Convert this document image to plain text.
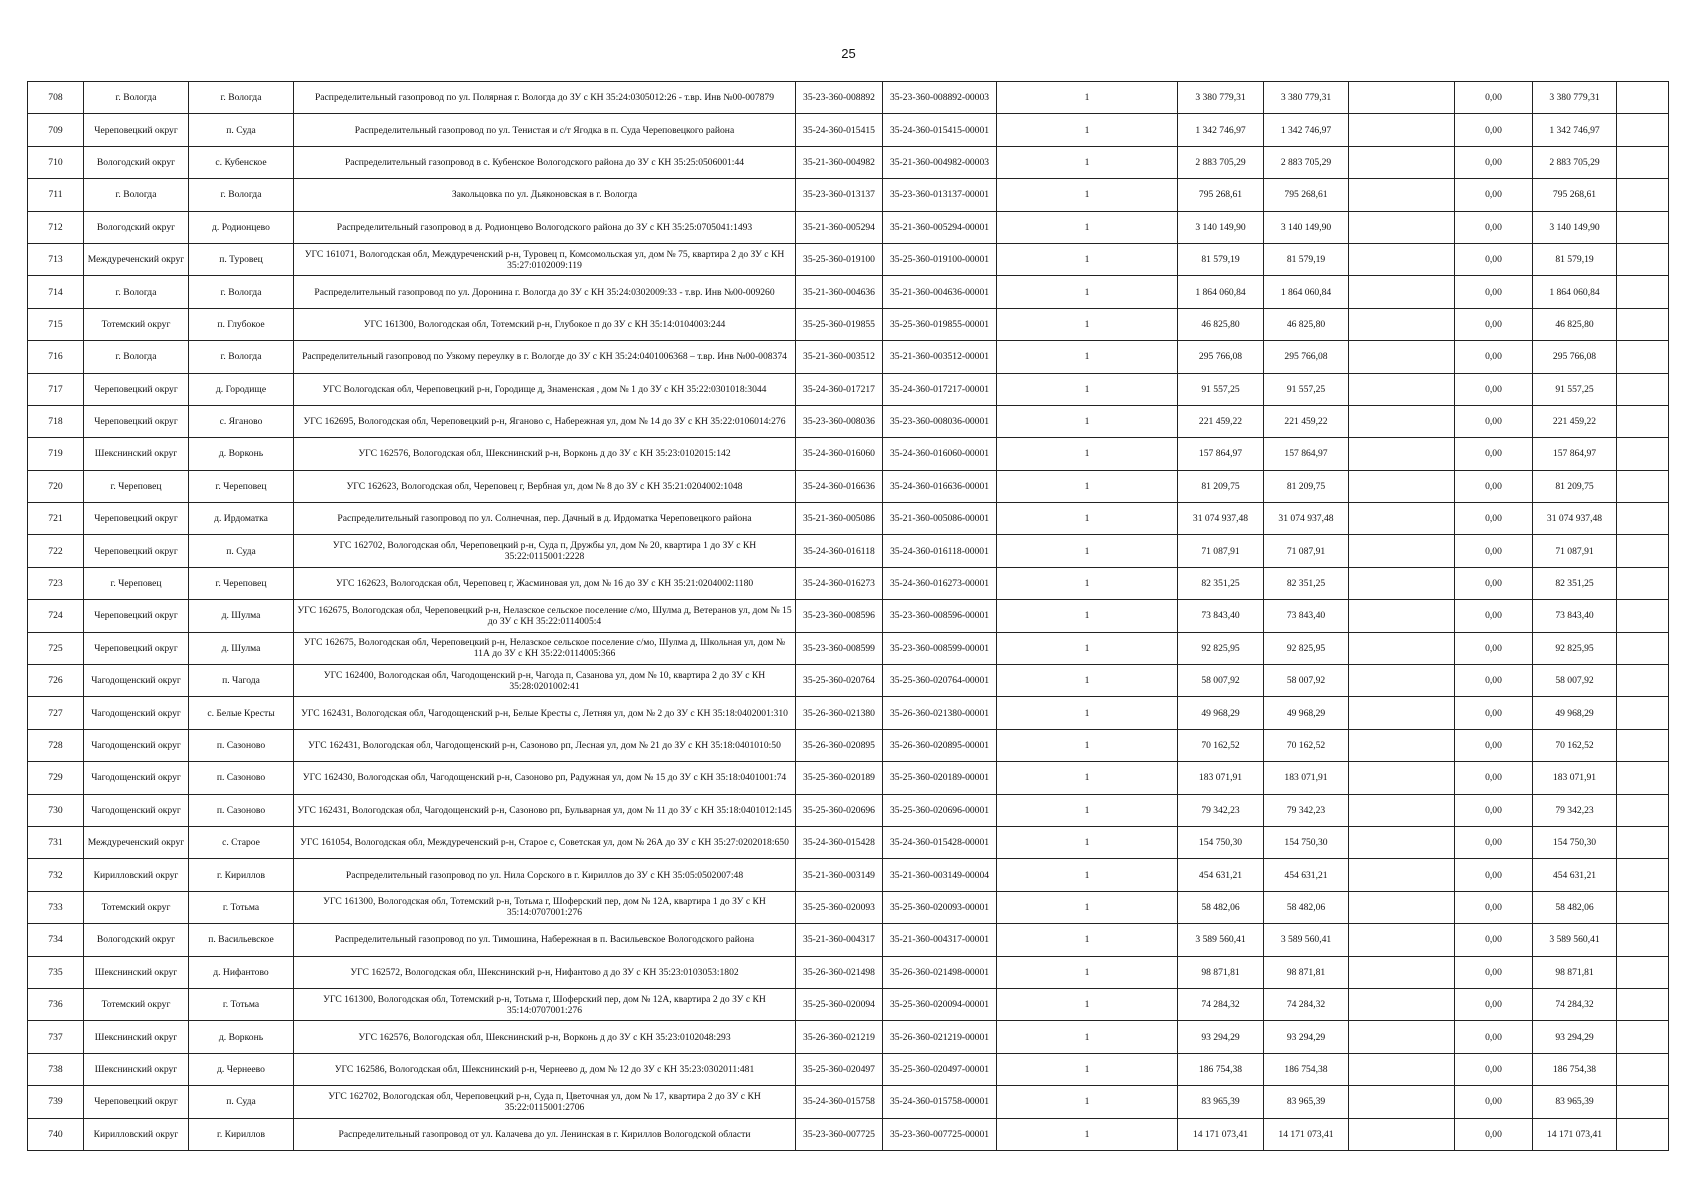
25
708	г. Вологда	г. Вологда	Распределительный газопровод по ул. Полярная г. Вологда до ЗУ с КН 35:24:0305012:26 - т.вр. Инв №00-007879	35-23-360-008892	35-23-360-008892-00003	1	3 380 779,31	3 380 779,31		0,00	3 380 779,31	
709	Череповецкий округ	п. Суда	Распределительный газопровод по ул. Тенистая и с/т Ягодка в п. Суда Череповецкого района	35-24-360-015415	35-24-360-015415-00001	1	1 342 746,97	1 342 746,97		0,00	1 342 746,97	
710	Вологодский округ	с. Кубенское	Распределительный газопровод в с. Кубенское Вологодского района до ЗУ с КН 35:25:0506001:44	35-21-360-004982	35-21-360-004982-00003	1	2 883 705,29	2 883 705,29		0,00	2 883 705,29	
711	г. Вологда	г. Вологда	Закольцовка по ул. Дьяконовская в г. Вологда	35-23-360-013137	35-23-360-013137-00001	1	795 268,61	795 268,61		0,00	795 268,61	
712	Вологодский округ	д. Родионцево	Распределительный газопровод в д. Родионцево Вологодского района до ЗУ с КН 35:25:0705041:1493	35-21-360-005294	35-21-360-005294-00001	1	3 140 149,90	3 140 149,90		0,00	3 140 149,90	
713	Междуреченский округ	п. Туровец	УГС 161071, Вологодская обл, Междуреченский р-н, Туровец п, Комсомольская ул, дом № 75, квартира 2 до ЗУ с КН 35:27:0102009:119	35-25-360-019100	35-25-360-019100-00001	1	81 579,19	81 579,19		0,00	81 579,19	
714	г. Вологда	г. Вологда	Распределительный газопровод по ул. Доронина г. Вологда до ЗУ с КН 35:24:0302009:33 - т.вр. Инв №00-009260	35-21-360-004636	35-21-360-004636-00001	1	1 864 060,84	1 864 060,84		0,00	1 864 060,84	
715	Тотемский округ	п. Глубокое	УГС 161300, Вологодская обл, Тотемский р-н, Глубокое п до ЗУ с КН 35:14:0104003:244	35-25-360-019855	35-25-360-019855-00001	1	46 825,80	46 825,80		0,00	46 825,80	
716	г. Вологда	г. Вологда	Распределительный газопровод по Узкому переулку в г. Вологде до ЗУ с КН 35:24:0401006368 – т.вр. Инв №00-008374	35-21-360-003512	35-21-360-003512-00001	1	295 766,08	295 766,08		0,00	295 766,08	
717	Череповецкий округ	д. Городище	УГС Вологодская обл, Череповецкий р-н, Городище д, Знаменская , дом № 1 до ЗУ с КН 35:22:0301018:3044	35-24-360-017217	35-24-360-017217-00001	1	91 557,25	91 557,25		0,00	91 557,25	
718	Череповецкий округ	с. Яганово	УГС 162695, Вологодская обл, Череповецкий р-н, Ягановo с, Набережная ул, дом № 14 до ЗУ с КН 35:22:0106014:276	35-23-360-008036	35-23-360-008036-00001	1	221 459,22	221 459,22		0,00	221 459,22	
719	Шекснинский округ	д. Ворконь	УГС 162576, Вологодская обл, Шекснинский р-н, Ворконь д до ЗУ с КН 35:23:0102015:142	35-24-360-016060	35-24-360-016060-00001	1	157 864,97	157 864,97		0,00	157 864,97	
720	г. Череповец	г. Череповец	УГС 162623, Вологодская обл, Череповец г, Вербная ул, дом № 8 до ЗУ с КН 35:21:0204002:1048	35-24-360-016636	35-24-360-016636-00001	1	81 209,75	81 209,75		0,00	81 209,75	
721	Череповецкий округ	д. Ирдоматка	Распределительный газопровод по ул. Солнечная, пер. Дачный в д. Ирдоматка Череповецкого района	35-21-360-005086	35-21-360-005086-00001	1	31 074 937,48	31 074 937,48		0,00	31 074 937,48	
722	Череповецкий округ	п. Суда	УГС 162702, Вологодская обл, Череповецкий р-н, Суда п, Дружбы ул, дом № 20, квартира 1 до ЗУ с КН 35:22:0115001:2228	35-24-360-016118	35-24-360-016118-00001	1	71 087,91	71 087,91		0,00	71 087,91	
723	г. Череповец	г. Череповец	УГС 162623, Вологодская обл, Череповец г, Жасминовая ул, дом № 16 до ЗУ с КН 35:21:0204002:1180	35-24-360-016273	35-24-360-016273-00001	1	82 351,25	82 351,25		0,00	82 351,25	
724	Череповецкий округ	д. Шулма	УГС 162675, Вологодская обл, Череповецкий р-н, Нелазское сельское поселение с/мо, Шулма д, Ветеранов ул, дом № 15 до ЗУ с КН 35:22:0114005:4	35-23-360-008596	35-23-360-008596-00001	1	73 843,40	73 843,40		0,00	73 843,40	
725	Череповецкий округ	д. Шулма	УГС 162675, Вологодская обл, Череповецкий р-н, Нелазское сельское поселение с/мо, Шулма д, Школьная ул, дом № 11А до ЗУ с КН 35:22:0114005:366	35-23-360-008599	35-23-360-008599-00001	1	92 825,95	92 825,95		0,00	92 825,95	
726	Чагодощенский округ	п. Чагода	УГС 162400, Вологодская обл, Чагодощенский р-н, Чагода п, Сазанова ул, дом № 10, квартира 2 до ЗУ с КН 35:28:0201002:41	35-25-360-020764	35-25-360-020764-00001	1	58 007,92	58 007,92		0,00	58 007,92	
727	Чагодощенский округ	с. Белые Кресты	УГС 162431, Вологодская обл, Чагодощенский р-н, Белые Кресты с, Летняя ул, дом № 2 до ЗУ с КН 35:18:0402001:310	35-26-360-021380	35-26-360-021380-00001	1	49 968,29	49 968,29		0,00	49 968,29	
728	Чагодощенский округ	п. Сазоново	УГС 162431, Вологодская обл, Чагодощенский р-н, Сазоново рп, Лесная ул, дом № 21 до ЗУ с КН 35:18:0401010:50	35-26-360-020895	35-26-360-020895-00001	1	70 162,52	70 162,52		0,00	70 162,52	
729	Чагодощенский округ	п. Сазоново	УГС 162430, Вологодская обл, Чагодощенский р-н, Сазоново рп, Радужная ул, дом № 15 до ЗУ с КН 35:18:0401001:74	35-25-360-020189	35-25-360-020189-00001	1	183 071,91	183 071,91		0,00	183 071,91	
730	Чагодощенский округ	п. Сазоново	УГС 162431, Вологодская обл, Чагодощенский р-н, Сазоново рп, Бульварная ул, дом № 11 до ЗУ с КН 35:18:0401012:145	35-25-360-020696	35-25-360-020696-00001	1	79 342,23	79 342,23		0,00	79 342,23	
731	Междуреченский округ	с. Старое	УГС 161054, Вологодская обл, Междуреченский р-н, Старое с, Советская ул, дом № 26А до ЗУ с КН 35:27:0202018:650	35-24-360-015428	35-24-360-015428-00001	1	154 750,30	154 750,30		0,00	154 750,30	
732	Кирилловский округ	г. Кириллов	Распределительный газопровод по ул. Нила Сорского в г. Кириллов до ЗУ с КН 35:05:0502007:48	35-21-360-003149	35-21-360-003149-00004	1	454 631,21	454 631,21		0,00	454 631,21	
733	Тотемский округ	г. Тотьма	УГС 161300, Вологодская обл, Тотемский р-н, Тотьма г, Шоферский пер, дом № 12А, квартира 1 до ЗУ с КН 35:14:0707001:276	35-25-360-020093	35-25-360-020093-00001	1	58 482,06	58 482,06		0,00	58 482,06	
734	Вологодский округ	п. Васильевское	Распределительный газопровод по ул. Тимошина, Набережная в п. Васильевское Вологодского района	35-21-360-004317	35-21-360-004317-00001	1	3 589 560,41	3 589 560,41		0,00	3 589 560,41	
735	Шекснинский округ	д. Нифантово	УГС 162572, Вологодская обл, Шекснинский р-н, Нифантово д до ЗУ с КН 35:23:0103053:1802	35-26-360-021498	35-26-360-021498-00001	1	98 871,81	98 871,81		0,00	98 871,81	
736	Тотемский округ	г. Тотьма	УГС 161300, Вологодская обл, Тотемский р-н, Тотьма г, Шоферский пер, дом № 12А, квартира 2 до ЗУ с КН 35:14:0707001:276	35-25-360-020094	35-25-360-020094-00001	1	74 284,32	74 284,32		0,00	74 284,32	
737	Шекснинский округ	д. Ворконь	УГС 162576, Вологодская обл, Шекснинский р-н, Ворконь д до ЗУ с КН 35:23:0102048:293	35-26-360-021219	35-26-360-021219-00001	1	93 294,29	93 294,29		0,00	93 294,29	
738	Шекснинский округ	д. Чернеево	УГС 162586, Вологодская обл, Шекснинский р-н, Чернеево д, дом № 12 до ЗУ с КН 35:23:0302011:481	35-25-360-020497	35-25-360-020497-00001	1	186 754,38	186 754,38		0,00	186 754,38	
739	Череповецкий округ	п. Суда	УГС 162702, Вологодская обл, Череповецкий р-н, Суда п, Цветочная ул, дом № 17, квартира 2 до ЗУ с КН 35:22:0115001:2706	35-24-360-015758	35-24-360-015758-00001	1	83 965,39	83 965,39		0,00	83 965,39	
740	Кирилловский округ	г. Кириллов	Распределительный газопровод от ул. Калачева до ул. Ленинская в г. Кириллов Вологодской области	35-23-360-007725	35-23-360-007725-00001	1	14 171 073,41	14 171 073,41		0,00	14 171 073,41	
